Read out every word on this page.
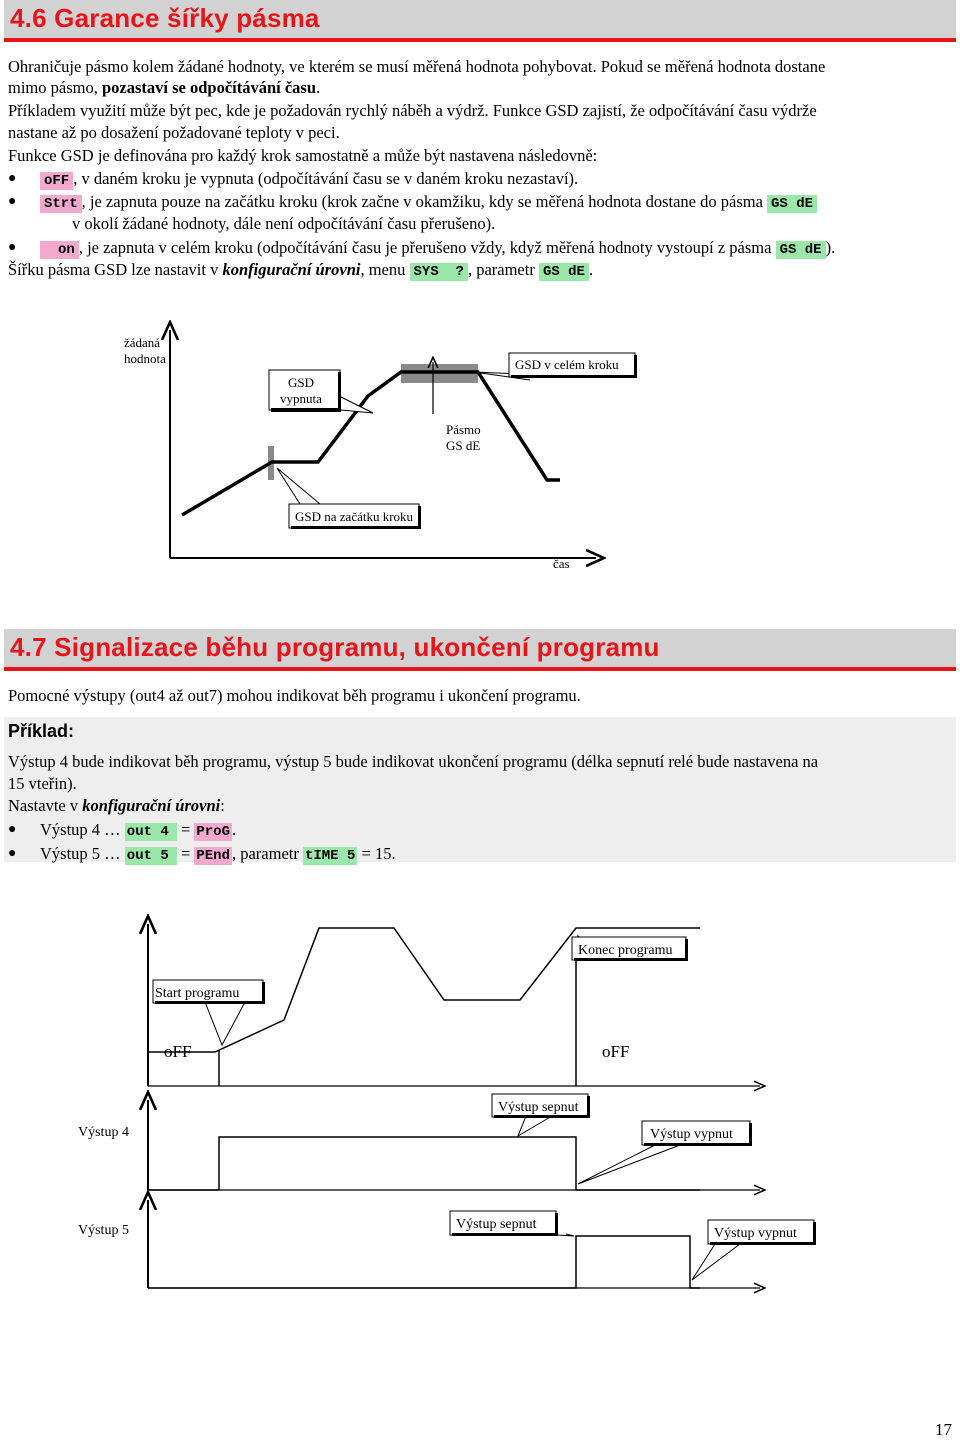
4.6 Garance šířky pásma
Ohraničuje pásmo kolem žádané hodnoty, ve kterém se musí měřená hodnota pohybovat. Pokud se měřená hodnota dostane
mimo pásmo, pozastaví se odpočítávání času.
Příkladem využití může být pec, kde je požadován rychlý náběh a výdrž. Funkce GSD zajistí, že odpočítávání času výdrže
nastane až po dosažení požadované teploty v peci.
Funkce GSD je definována pro každý krok samostatně a může být nastavena následovně:
● oFF , v daném kroku je vypnuta (odpočítávání času se v daném kroku nezastaví).
● Strt , je zapnuta pouze na začátku kroku (krok začne v okamžiku, kdy se měřená hodnota dostane do pásma GS dE
v okolí žádané hodnoty, dále není odpočítávání času přerušeno).
●	on , je zapnuta v celém kroku (odpočítávání času je přerušeno vždy, když měřená hodnoty vystoupí z pásma GS dE ).
Šířku pásma GSD lze nastavit v konfigurační úrovni, menu SYS  ? , parametr GS dE .
žádaná
hodnota
GSD
vypnuta
GSD v celém kroku
Pásmo
GS dE
GSD na začátku kroku
čas
4.7 Signalizace běhu programu, ukončení programu
Pomocné výstupy (out4 až out7) mohou indikovat běh programu i ukončení programu.
Příklad:
Výstup 4 bude indikovat běh programu, výstup 5 bude indikovat ukončení programu (délka sepnutí relé bude nastavena na
15 vteřin).
Nastavte v konfigurační úrovni:
● Výstup 4 … out 4 = ProG .
● Výstup 5 … out 5 = PEnd , parametr tIME 5 = 15.
Start programu
Konec programu
oFF	oFF
Výstup 4
Výstup sepnut
Výstup vypnut
Výstup 5	Výstup sepnut
Výstup vypnut
17
